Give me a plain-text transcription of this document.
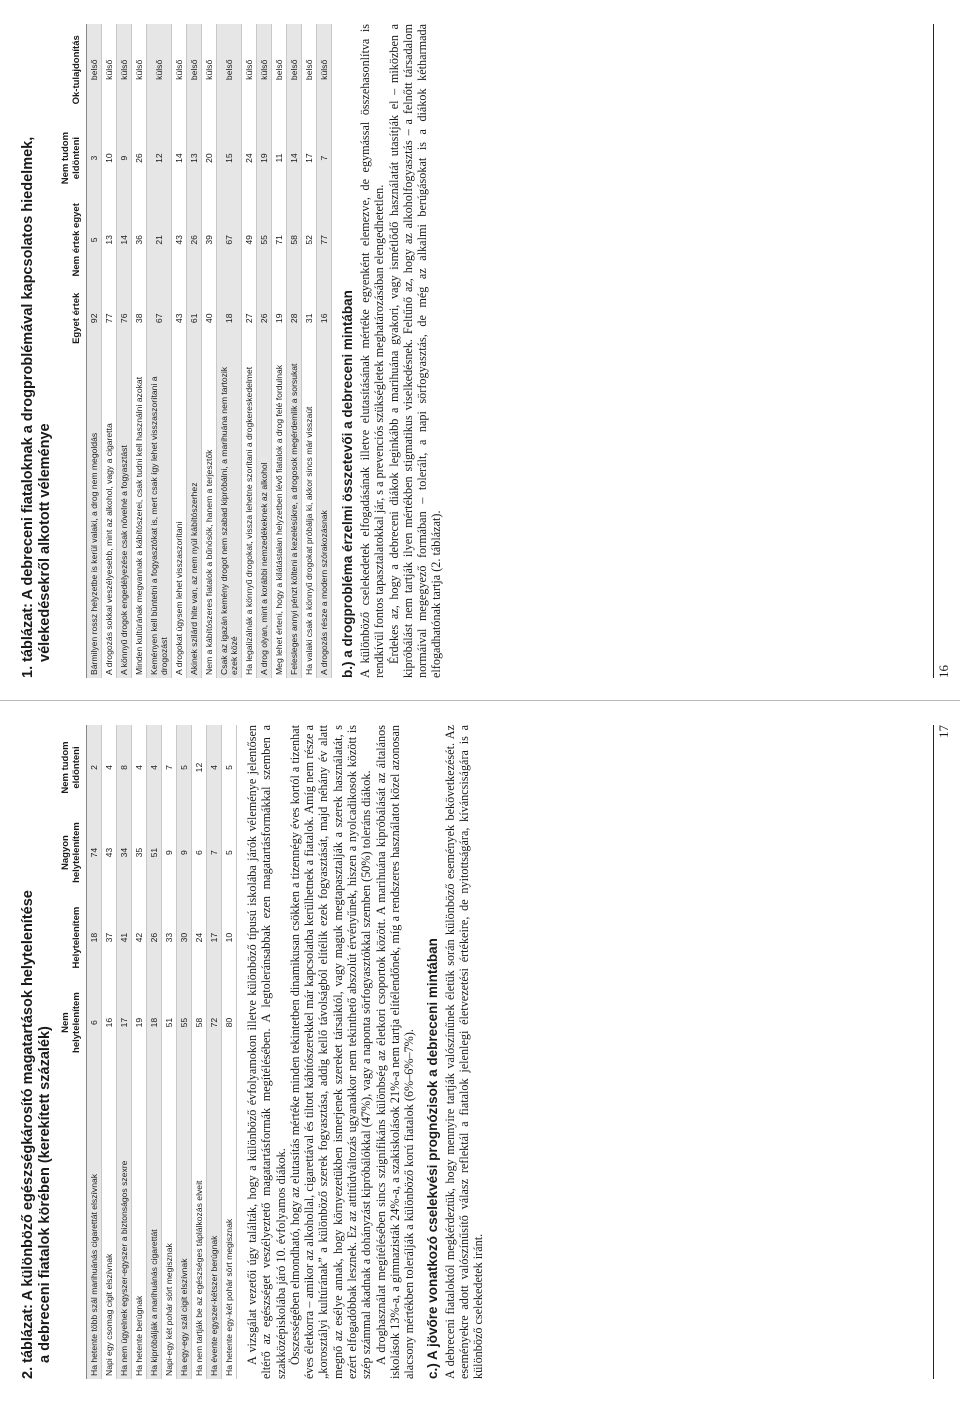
1. táblázat: A debreceni fiataloknak a drogproblémával kapcsolatos hiedelmek, vélekedésekről alkotott véleménye
	Egyet értek	Nem értek egyet	Nem tudom eldönteni	Ok-tulajdonítás
Bármilyen rossz helyzetbe is kerül valaki, a drog nem megoldás	92	5	3	belső
A drogozás sokkal veszélyesebb, mint az alkohol, vagy a cigaretta	77	13	10	külső
A könnyű drogok engedélyezése csak növelné a fogyasztást	76	14	9	külső
Minden kultúrának megvannak a kábítószerei, csak tudni kell használni azokat	38	36	26	külső
Keményen kell büntetni a fogyasztókat is, mert csak így lehet visszaszorítani a drogozást	67	21	12	külső
A drogokat úgysem lehet visszaszorítani	43	43	14	külső
Akinek szilárd hite van, az nem nyúl kábítószerhez	61	26	13	belső
Nem a kábítószeres fiatalok a bűnösök, hanem a terjesztők	40	39	20	külső
Csak az igazán kemény drogot nem szabad kipróbálni, a marihuána nem tartozik ezek közé	18	67	15	belső
Ha legalizálnák a könnyű drogokat, vissza lehetne szorítani a drogkereskedelmet	27	49	24	külső
A drog olyan, mint a korábbi nemzedékeknek az alkohol	26	55	19	külső
Meg lehet érteni, hogy a kilátástalan helyzetben lévő fiatalok a drog felé fordulnak	19	71	11	belső
Felesleges annyi pénzt költeni a kezelésükre, a drogosok megérdemlik a sorsukat	28	58	14	belső
Ha valaki csak a könnyű drogokat próbálja ki, akkor sincs már visszaút	31	52	17	belső
A drogozás része a modern szórakozásnak	16	77	7	külső
b.) a drogprobléma érzelmi összetevői a debreceni mintában A különböző cselekedetek elfogadásának illetve elutasításának mértéke egyenként elemezve, de egymással összehasonlítva is rendkívül fontos tapasztalatokkal jár, s a prevenciós szükségletek meghatározásában elengedhetetlen. Érdekes az, hogy a debreceni diákok leginkább a marihuána gyakori, vagy ismétlődő használatát utasítják el – miközben a kipróbálást nem tartják ilyen mértékben stigmatikus viselkedésnek. Feltűnő az, hogy az alkoholfogyasztás – a felnőtt társadalom normáival megegyező formában – tolerált, a napi sörfogyasztás, de még az alkalmi berúgásokat is a diákok kétharmada elfogadhatónak tartja (2. táblázat).	16
2. táblázat: A különböző egészségkárosító magatartások helytelenítése a debreceni fiatalok körében (kerekített százalék)
	Nem helytelenítem	Helytelenítem	Nagyon helytelenítem	Nem tudom eldönteni
Ha hetente több szál marihuánás cigarettát elszívnak	6	18	74	2
Napi egy csomag cigit elszívnak	16	37	43	4
Ha nem ügyelnek egyszer-egyszer a biztonságos szexre	17	41	34	8
Ha hetente berúgnak	19	42	35	4
Ha kipróbálják a marihuánás cigarettát	18	26	51	4
Napi-egy két pohár sört megisznak	51	33	9	7
Ha egy-egy szál cigit elszívnak	55	30	9	5
Ha nem tartják be az egészséges táplálkozás elveit	58	24	6	12
Ha évente egyszer-kétszer berúgnak	72	17	7	4
Ha hetente egy-két pohár sört megisznak	80	10	5	5 A vizsgálat vezetői úgy találták, hogy a különböző évfolyamokon illetve különböző típusú iskolába járók véleménye jelentősen eltérő az egészséget veszélyeztető magatartásformák megítélésében. A legtoleránsabbak ezen magatartásformákkal szemben a szakközépiskolába járó 10. évfolyamos diákok. Összességében elmondható, hogy az elutasítás mértéke minden tekintetben dinamikusan csökken a tizennégy éves kortól a tizenhat éves életkorra – amikor az alkohollal, cigarettával és tiltott kábítószerekkel már kapcsolatba kerülhetnek a fiatalok. Amíg nem része a „korosztályi kultúrának” a különböző szerek fogyasztása, addig kellő távolságból elítélik ezek fogyasztását, majd néhány év alatt megnő az esélye annak, hogy környezetükben ismerjenek szereket társaiktól, vagy maguk megtapasztalják a szerek használatát, s ezért elfogadóbbak lesznek. Ez az attitűdváltozás ugyanakkor nem tekinthető abszolút érvényűnek, hiszen a nyolcadikosok között is szép számmal akadnak a dohányzást kipróbálókkal (47%), vagy a naponta sörfogyasztókkal szemben (50%) toleráns diákok. A droghasználat megítélésében sincs szignifikáns különbség az életkori csoportok között. A marihuána kipróbálását az általános iskolások 13%-a, a gimnazisták 24%-a, a szakiskolások 21%-a nem tartja elítélendőnek, míg a rendszeres használatot közel azonosan alacsony mértékben tolerálják a különböző korú fiatalok (6%–6%–7%). c.) A jövőre vonatkozó cselekvési prognózisok a debreceni mintában A debreceni fiataloktól megkérdeztük, hogy mennyire tartják valószínűnek életük során különböző események bekövetkezését. Az eseményekre adott valószínűsítő válasz reflektál a fiatalok jelenlegi életvezetési értékeire, de nyitottságára, kíváncsiságára is a különböző cselekedetek iránt.

17
